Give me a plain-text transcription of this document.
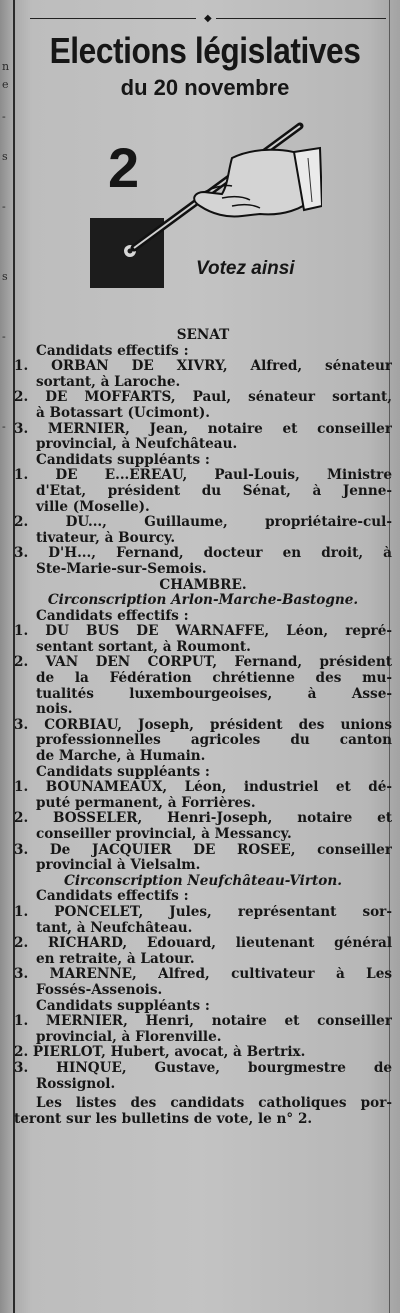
n
e
-
s
-
s
-
-
◆
Elections législatives
du 20 novembre
2
Votez ainsi
SENAT
Candidats effectifs :
1. ORBAN DE XIVRY, Alfred, sénateur
sortant, à Laroche.
2. DE MOFFARTS, Paul, sénateur sortant,
à Botassart (Ucimont).
3. MERNIER, Jean, notaire et conseiller
provincial, à Neufchâteau.
Candidats suppléants :
1. DE E...EREAU, Paul-Louis, Ministre
d'Etat, président du Sénat, à Jenne-
ville (Moselle).
2. DU..., Guillaume, propriétaire-cul-
tivateur, à Bourcy.
3. D'H..., Fernand, docteur en droit, à
Ste-Marie-sur-Semois.
CHAMBRE.
Circonscription Arlon-Marche-Bastogne.
Candidats effectifs :
1. DU BUS DE WARNAFFE, Léon, repré-
sentant sortant, à Roumont.
2. VAN DEN CORPUT, Fernand, président
de la Fédération chrétienne des mu-
tualités luxembourgeoises, à Asse-
nois.
3. CORBIAU, Joseph, président des unions
professionnelles agricoles du canton
de Marche, à Humain.
Candidats suppléants :
1. BOUNAMEAUX, Léon, industriel et dé-
puté permanent, à Forrières.
2. BOSSELER, Henri-Joseph, notaire et
conseiller provincial, à Messancy.
3. De JACQUIER DE ROSEE, conseiller
provincial à Vielsalm.
Circonscription Neufchâteau-Virton.
Candidats effectifs :
1. PONCELET, Jules, représentant sor-
tant, à Neufchâteau.
2. RICHARD, Edouard, lieutenant général
en retraite, à Latour.
3. MARENNE, Alfred, cultivateur à Les
Fossés-Assenois.
Candidats suppléants :
1. MERNIER, Henri, notaire et conseiller
provincial, à Florenville.
2. PIERLOT, Hubert, avocat, à Bertrix.
3. HINQUE, Gustave, bourgmestre de
Rossignol.
Les listes des candidats catholiques por-
teront sur les bulletins de vote, le n° 2.
